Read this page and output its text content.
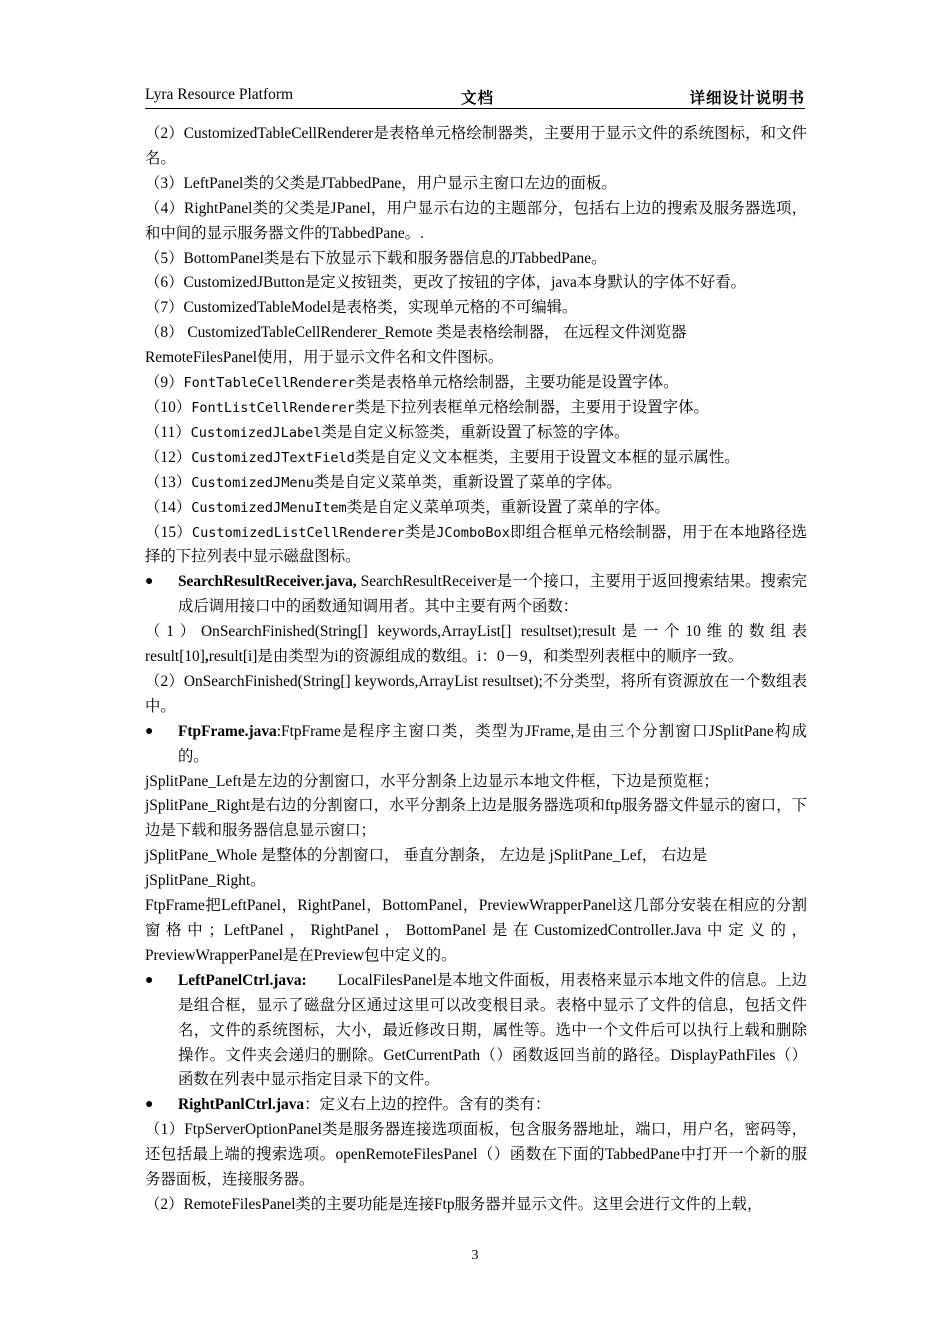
Lyra Resource Platform	文档	详细设计说明书

（2）CustomizedTableCellRenderer是表格单元格绘制器类，主要用于显示文件的系统图标，和文件名。

（3）LeftPanel类的父类是JTabbedPane，用户显示主窗口左边的面板。

（4）RightPanel类的父类是JPanel，用户显示右边的主题部分，包括右上边的搜索及服务器选项，和中间的显示服务器文件的TabbedPane。.

（5）BottomPanel类是右下放显示下载和服务器信息的JTabbedPane。

（6）CustomizedJButton是定义按钮类，更改了按钮的字体，java本身默认的字体不好看。

（7）CustomizedTableModel是表格类，实现单元格的不可编辑。

（8） CustomizedTableCellRenderer_Remote 类是表格绘制器， 在远程文件浏览器

RemoteFilesPanel使用，用于显示文件名和文件图标。

（9）FontTableCellRenderer类是表格单元格绘制器，主要功能是设置字体。

（10）FontListCellRenderer类是下拉列表框单元格绘制器，主要用于设置字体。

（11）CustomizedJLabel类是自定义标签类，重新设置了标签的字体。

（12）CustomizedJTextField类是自定义文本框类，主要用于设置文本框的显示属性。

（13）CustomizedJMenu类是自定义菜单类，重新设置了菜单的字体。

（14）CustomizedJMenuItem类是自定义菜单项类，重新设置了菜单的字体。

（15）CustomizedListCellRenderer类是JComboBox即组合框单元格绘制器，用于在本地路径选择的下拉列表中显示磁盘图标。

● SearchResultReceiver.java, SearchResultReceiver是一个接口，主要用于返回搜索结果。搜索完成后调用接口中的函数通知调用者。其中主要有两个函数：

（1）OnSearchFinished(String[] keywords,ArrayList[] resultset);result是一个10维的数组表result[10],result[i]是由类型为i的资源组成的数组。i：0－9，和类型列表框中的顺序一致。

（2）OnSearchFinished(String[] keywords,ArrayList resultset);不分类型，将所有资源放在一个数组表中。

● FtpFrame.java:FtpFrame是程序主窗口类，类型为JFrame,是由三个分割窗口JSplitPane构成的。

jSplitPane_Left是左边的分割窗口，水平分割条上边显示本地文件框，下边是预览框；

jSplitPane_Right是右边的分割窗口，水平分割条上边是服务器选项和ftp服务器文件显示的窗口，下边是下载和服务器信息显示窗口；

jSplitPane_Whole 是整体的分割窗口， 垂直分割条， 左边是 jSplitPane_Lef， 右边是

jSplitPane_Right。

FtpFrame把LeftPanel，RightPanel，BottomPanel，PreviewWrapperPanel这几部分安装在相应的分割窗格中；LeftPanel，RightPanel，BottomPanel是在CustomizedController.Java中定义的，PreviewWrapperPanel是在Preview包中定义的。

● LeftPanelCtrl.java:        LocalFilesPanel是本地文件面板，用表格来显示本地文件的信息。上边是组合框，显示了磁盘分区通过这里可以改变根目录。表格中显示了文件的信息，包括文件名，文件的系统图标，大小，最近修改日期，属性等。选中一个文件后可以执行上载和删除操作。文件夹会递归的删除。GetCurrentPath（）函数返回当前的路径。DisplayPathFiles（）函数在列表中显示指定目录下的文件。

● RightPanlCtrl.java：定义右上边的控件。含有的类有：

（1）FtpServerOptionPanel类是服务器连接选项面板，包含服务器地址，端口，用户名，密码等，还包括最上端的搜索选项。openRemoteFilesPanel（）函数在下面的TabbedPane中打开一个新的服务器面板，连接服务器。

（2）RemoteFilesPanel类的主要功能是连接Ftp服务器并显示文件。这里会进行文件的上载，

3
